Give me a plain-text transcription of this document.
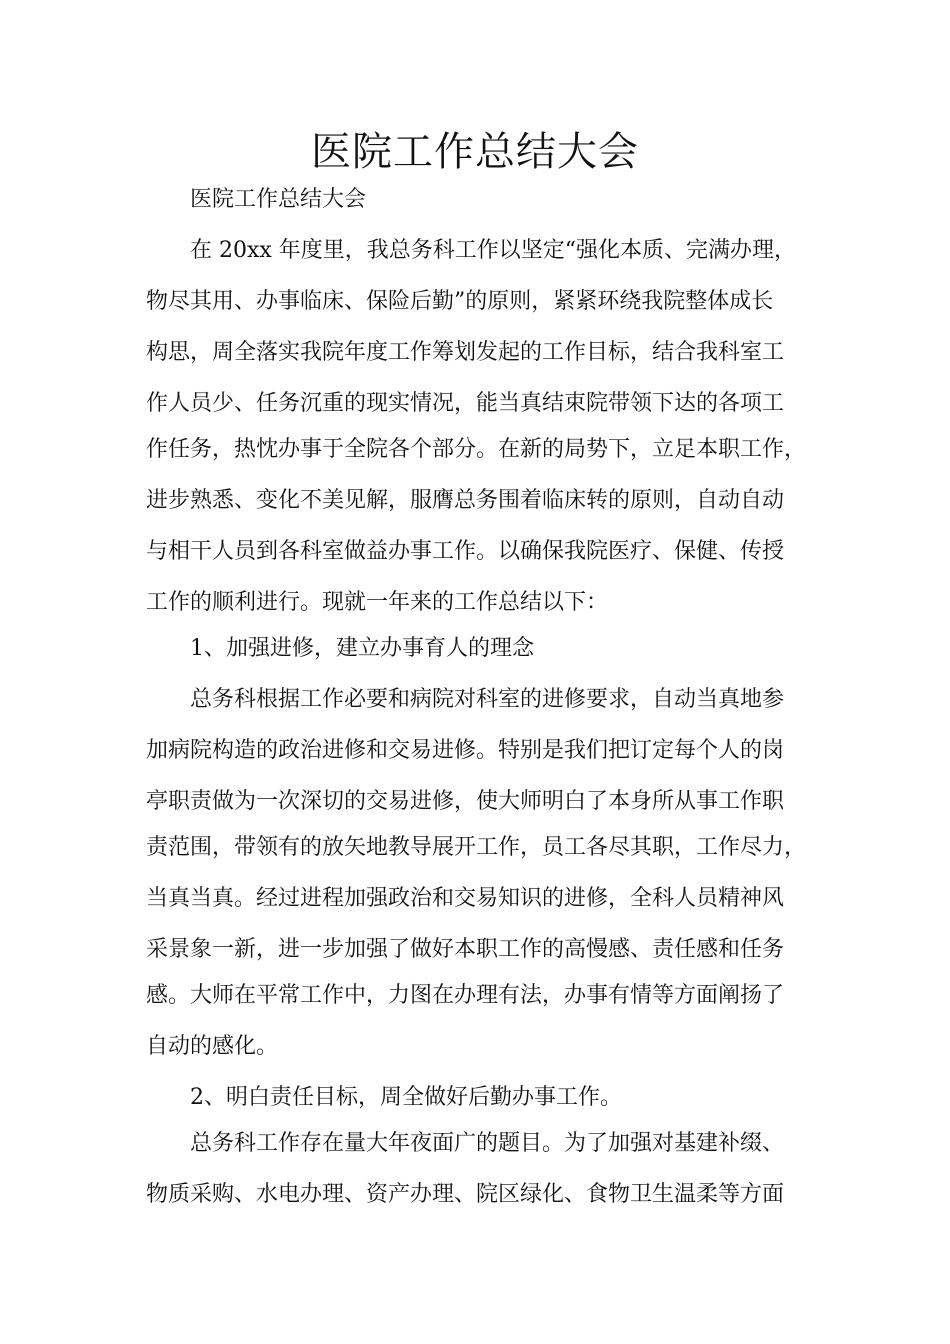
医院工作总结大会
医院工作总结大会
在 20xx 年度里，我总务科工作以坚定“强化本质、完满办理，
物尽其用、办事临床、保险后勤”的原则，紧紧环绕我院整体成长
构思，周全落实我院年度工作筹划发起的工作目标，结合我科室工
作人员少、任务沉重的现实情况，能当真结束院带领下达的各项工
作任务，热忱办事于全院各个部分。在新的局势下，立足本职工作，
进步熟悉、变化不美见解，服膺总务围着临床转的原则，自动自动
与相干人员到各科室做益办事工作。以确保我院医疗、保健、传授
工作的顺利进行。现就一年来的工作总结以下：
1、加强进修，建立办事育人的理念
总务科根据工作必要和病院对科室的进修要求，自动当真地参
加病院构造的政治进修和交易进修。特别是我们把订定每个人的岗
亭职责做为一次深切的交易进修，使大师明白了本身所从事工作职
责范围，带领有的放矢地教导展开工作，员工各尽其职，工作尽力，
当真当真。经过进程加强政治和交易知识的进修，全科人员精神风
采景象一新，进一步加强了做好本职工作的高慢感、责任感和任务
感。大师在平常工作中，力图在办理有法，办事有情等方面阐扬了
自动的感化。
2、明白责任目标，周全做好后勤办事工作。
总务科工作存在量大年夜面广的题目。为了加强对基建补缀、
物质采购、水电办理、资产办理、院区绿化、食物卫生温柔等方面
